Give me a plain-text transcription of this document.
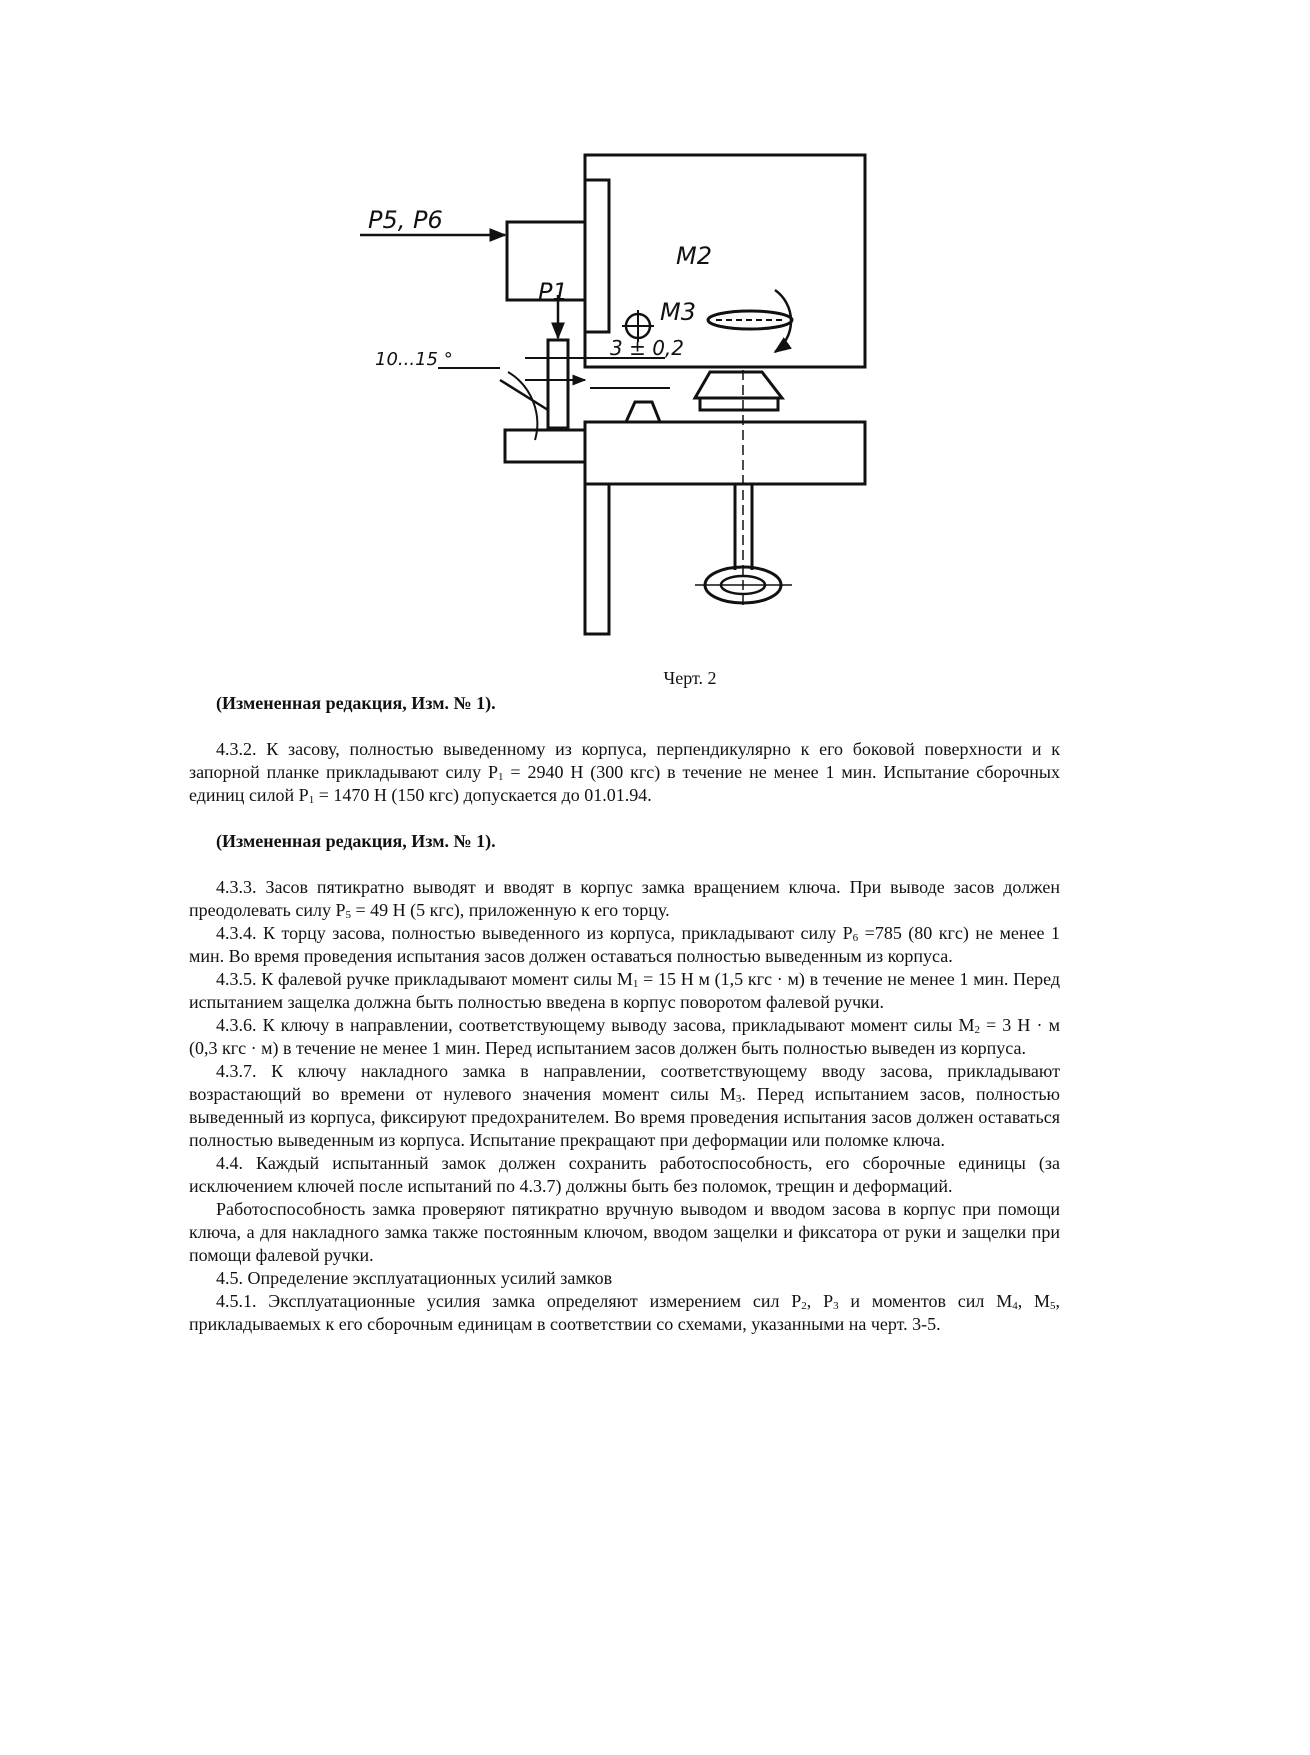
P5, P6
P1
M2
M3
10...15 °	3 ± 0,2
Черт. 2

(Измененная редакция, Изм. № 1).

4.3.2. К засову, полностью выведенному из корпуса, перпендикулярно к его боковой поверхности и к запорной планке прикладывают силу $Р_1 = 2940$ Н (300 кгс) в течение не менее 1 мин. Испытание сборочных единиц силой $Р_1 = 1470$ Н (150 кгс) допускается до 01.01.94.

(Измененная редакция, Изм. № 1).

4.3.3. Засов пятикратно выводят и вводят в корпус замка вращением ключа. При выводе засов должен преодолевать силу $Р_5 = 49$ Н (5 кгс), приложенную к его торцу.

4.3.4. К торцу засова, полностью выведенного из корпуса, прикладывают силу $Р_6 =785$ (80 кгс) не менее 1 мин. Во время проведения испытания засов должен оставаться полностью выведенным из корпуса.

4.3.5. К фалевой ручке прикладывают момент силы $М_1 = 15$ Н м (1,5 кгс · м) в течение не менее 1 мин. Перед испытанием защелка должна быть полностью введена в корпус поворотом фалевой ручки.

4.3.6. К ключу в направлении, соответствующему выводу засова, прикладывают момент силы $М_2 = 3$ Н · м (0,3 кгс · м) в течение не менее 1 мин. Перед испытанием засов должен быть полностью выведен из корпуса.

4.3.7. К ключу накладного замка в направлении, соответствующему вводу засова, прикладывают возрастающий во времени от нулевого значения момент силы $М_3$. Перед испытанием засов, полностью выведенный из корпуса, фиксируют предохранителем. Во время проведения испытания засов должен оставаться полностью выведенным из корпуса. Испытание прекращают при деформации или поломке ключа.

4.4. Каждый испытанный замок должен сохранить работоспособность, его сборочные единицы (за исключением ключей после испытаний по 4.3.7) должны быть без поломок, трещин и деформаций.

Работоспособность замка проверяют пятикратно вручную выводом и вводом засова в корпус при помощи ключа, а для накладного замка также постоянным ключом, вводом защелки и фиксатора от руки и защелки при помощи фалевой ручки.

4.5. Определение эксплуатационных усилий замков

4.5.1. Эксплуатационные усилия замка определяют измерением сил $Р_2$, $Р_3$ и моментов сил $М_4$, $М_5$, прикладываемых к его сборочным единицам в соответствии со схемами, указанными на черт. 3-5.
